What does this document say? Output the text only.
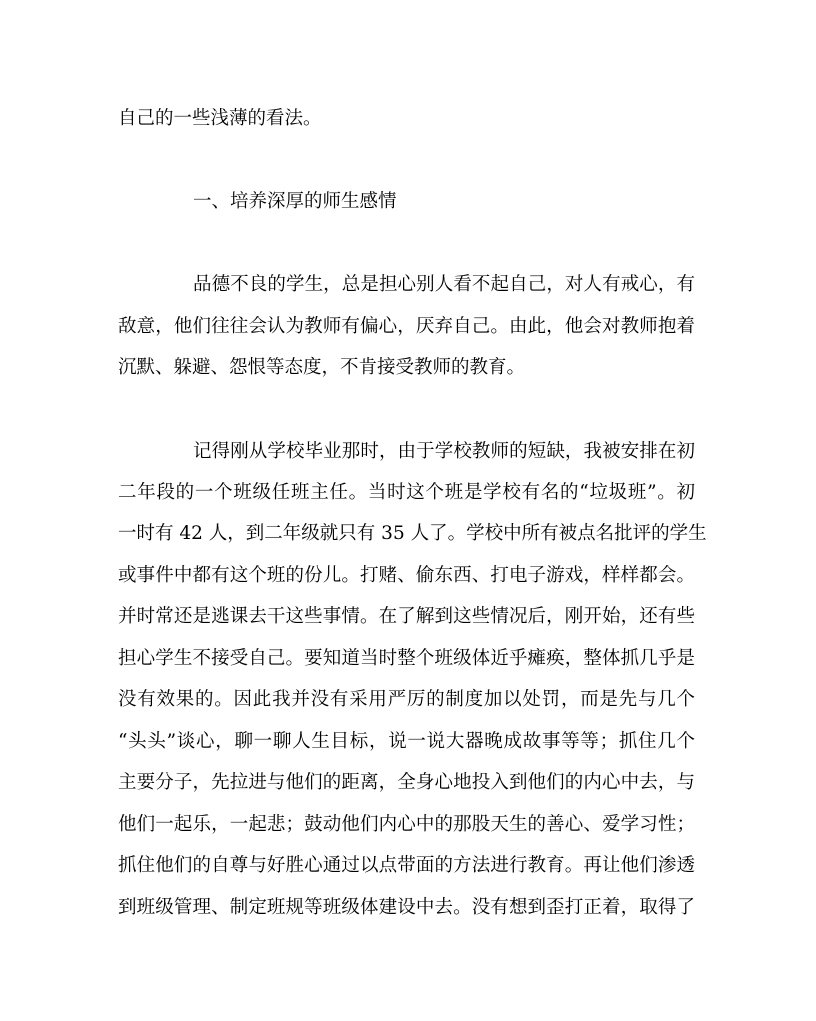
自己的一些浅薄的看法。
一、培养深厚的师生感情
品德不良的学生，总是担心别人看不起自己，对人有戒心，有
敌意，他们往往会认为教师有偏心，厌弃自己。由此，他会对教师抱着
沉默、躲避、怨恨等态度，不肯接受教师的教育。
记得刚从学校毕业那时，由于学校教师的短缺，我被安排在初
二年段的一个班级任班主任。当时这个班是学校有名的“垃圾班”。初
一时有 42 人，到二年级就只有 35 人了。学校中所有被点名批评的学生
或事件中都有这个班的份儿。打赌、偷东西、打电子游戏，样样都会。
并时常还是逃课去干这些事情。在了解到这些情况后，刚开始，还有些
担心学生不接受自己。要知道当时整个班级体近乎瘫痪，整体抓几乎是
没有效果的。因此我并没有采用严厉的制度加以处罚，而是先与几个
“头头”谈心，聊一聊人生目标，说一说大器晚成故事等等；抓住几个
主要分子，先拉进与他们的距离，全身心地投入到他们的内心中去，与
他们一起乐，一起悲；鼓动他们内心中的那股天生的善心、爱学习性；
抓住他们的自尊与好胜心通过以点带面的方法进行教育。再让他们渗透
到班级管理、制定班规等班级体建设中去。没有想到歪打正着，取得了
